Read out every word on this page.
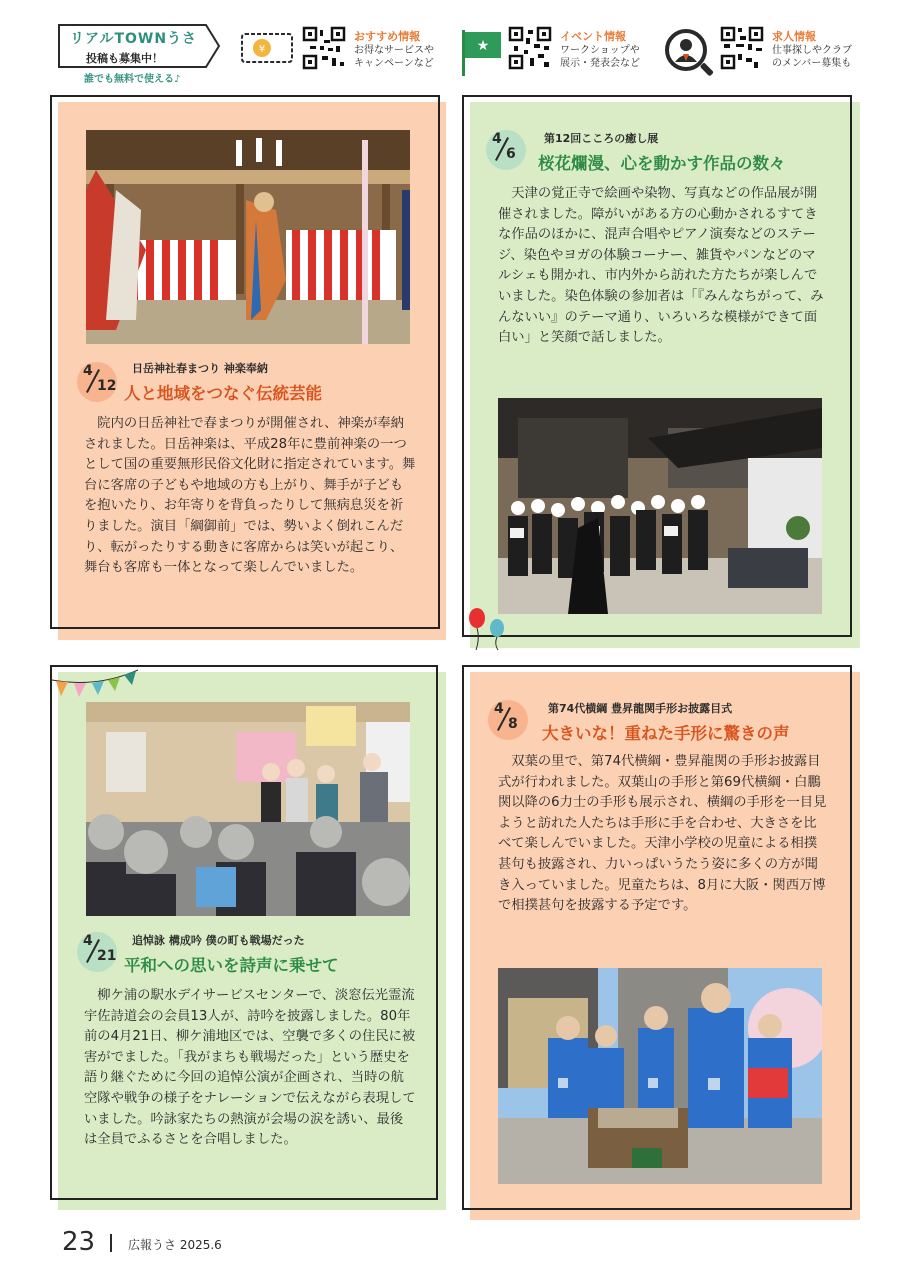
リアルTOWNうさ
投稿も募集中！
誰でも無料で使える♪
¥
おすすめ情報
お得なサービスや
キャンペーンなど
★
イベント情報
ワークショップや
展示・発表会など
求人情報
仕事探しやクラブ
のメンバー募集も
4
12
日岳神社春まつり 神楽奉納
人と地域をつなぐ伝統芸能

院内の日岳神社で春まつりが開催され、神楽が奉納されました。日岳神楽は、平成28年に豊前神楽の一つとして国の重要無形民俗文化財に指定されています。舞台に客席の子どもや地域の方も上がり、舞手が子どもを抱いたり、お年寄りを背負ったりして無病息災を祈りました。演目「綱御前」では、勢いよく倒れこんだり、転がったりする動きに客席からは笑いが起こり、舞台も客席も一体となって楽しんでいました。

4
6
第12回こころの癒し展
桜花爛漫、心を動かす作品の数々

天津の覚正寺で絵画や染物、写真などの作品展が開催されました。障がいがある方の心動かされるすてきな作品のほかに、混声合唱やピアノ演奏などのステージ、染色やヨガの体験コーナー、雑貨やパンなどのマルシェも開かれ、市内外から訪れた方たちが楽しんでいました。染色体験の参加者は「『みんなちがって、みんないい』のテーマ通り、いろいろな模様ができて面白い」と笑顔で話しました。

4
21
追悼詠 構成吟 僕の町も戦場だった
平和への思いを詩声に乗せて

柳ケ浦の駅水デイサービスセンターで、淡窓伝光霊流 宇佐詩道会の会員13人が、詩吟を披露しました。80年前の4月21日、柳ケ浦地区では、空襲で多くの住民に被害がでました。「我がまちも戦場だった」という歴史を語り継ぐために今回の追悼公演が企画され、当時の航空隊や戦争の様子をナレーションで伝えながら表現していました。吟詠家たちの熱演が会場の涙を誘い、最後は全員でふるさとを合唱しました。

4
8
第74代横綱 豊昇龍関手形お披露目式
大きいな！重ねた手形に驚きの声

双葉の里で、第74代横綱・豊昇龍関の手形お披露目式が行われました。双葉山の手形と第69代横綱・白鵬関以降の6力士の手形も展示され、横綱の手形を一目見ようと訪れた人たちは手形に手を合わせ、大きさを比べて楽しんでいました。天津小学校の児童による相撲甚句も披露され、力いっぱいうたう姿に多くの方が聞き入っていました。児童たちは、8月に大阪・関西万博で相撲甚句を披露する予定です。

23	広報うさ 2025.6
